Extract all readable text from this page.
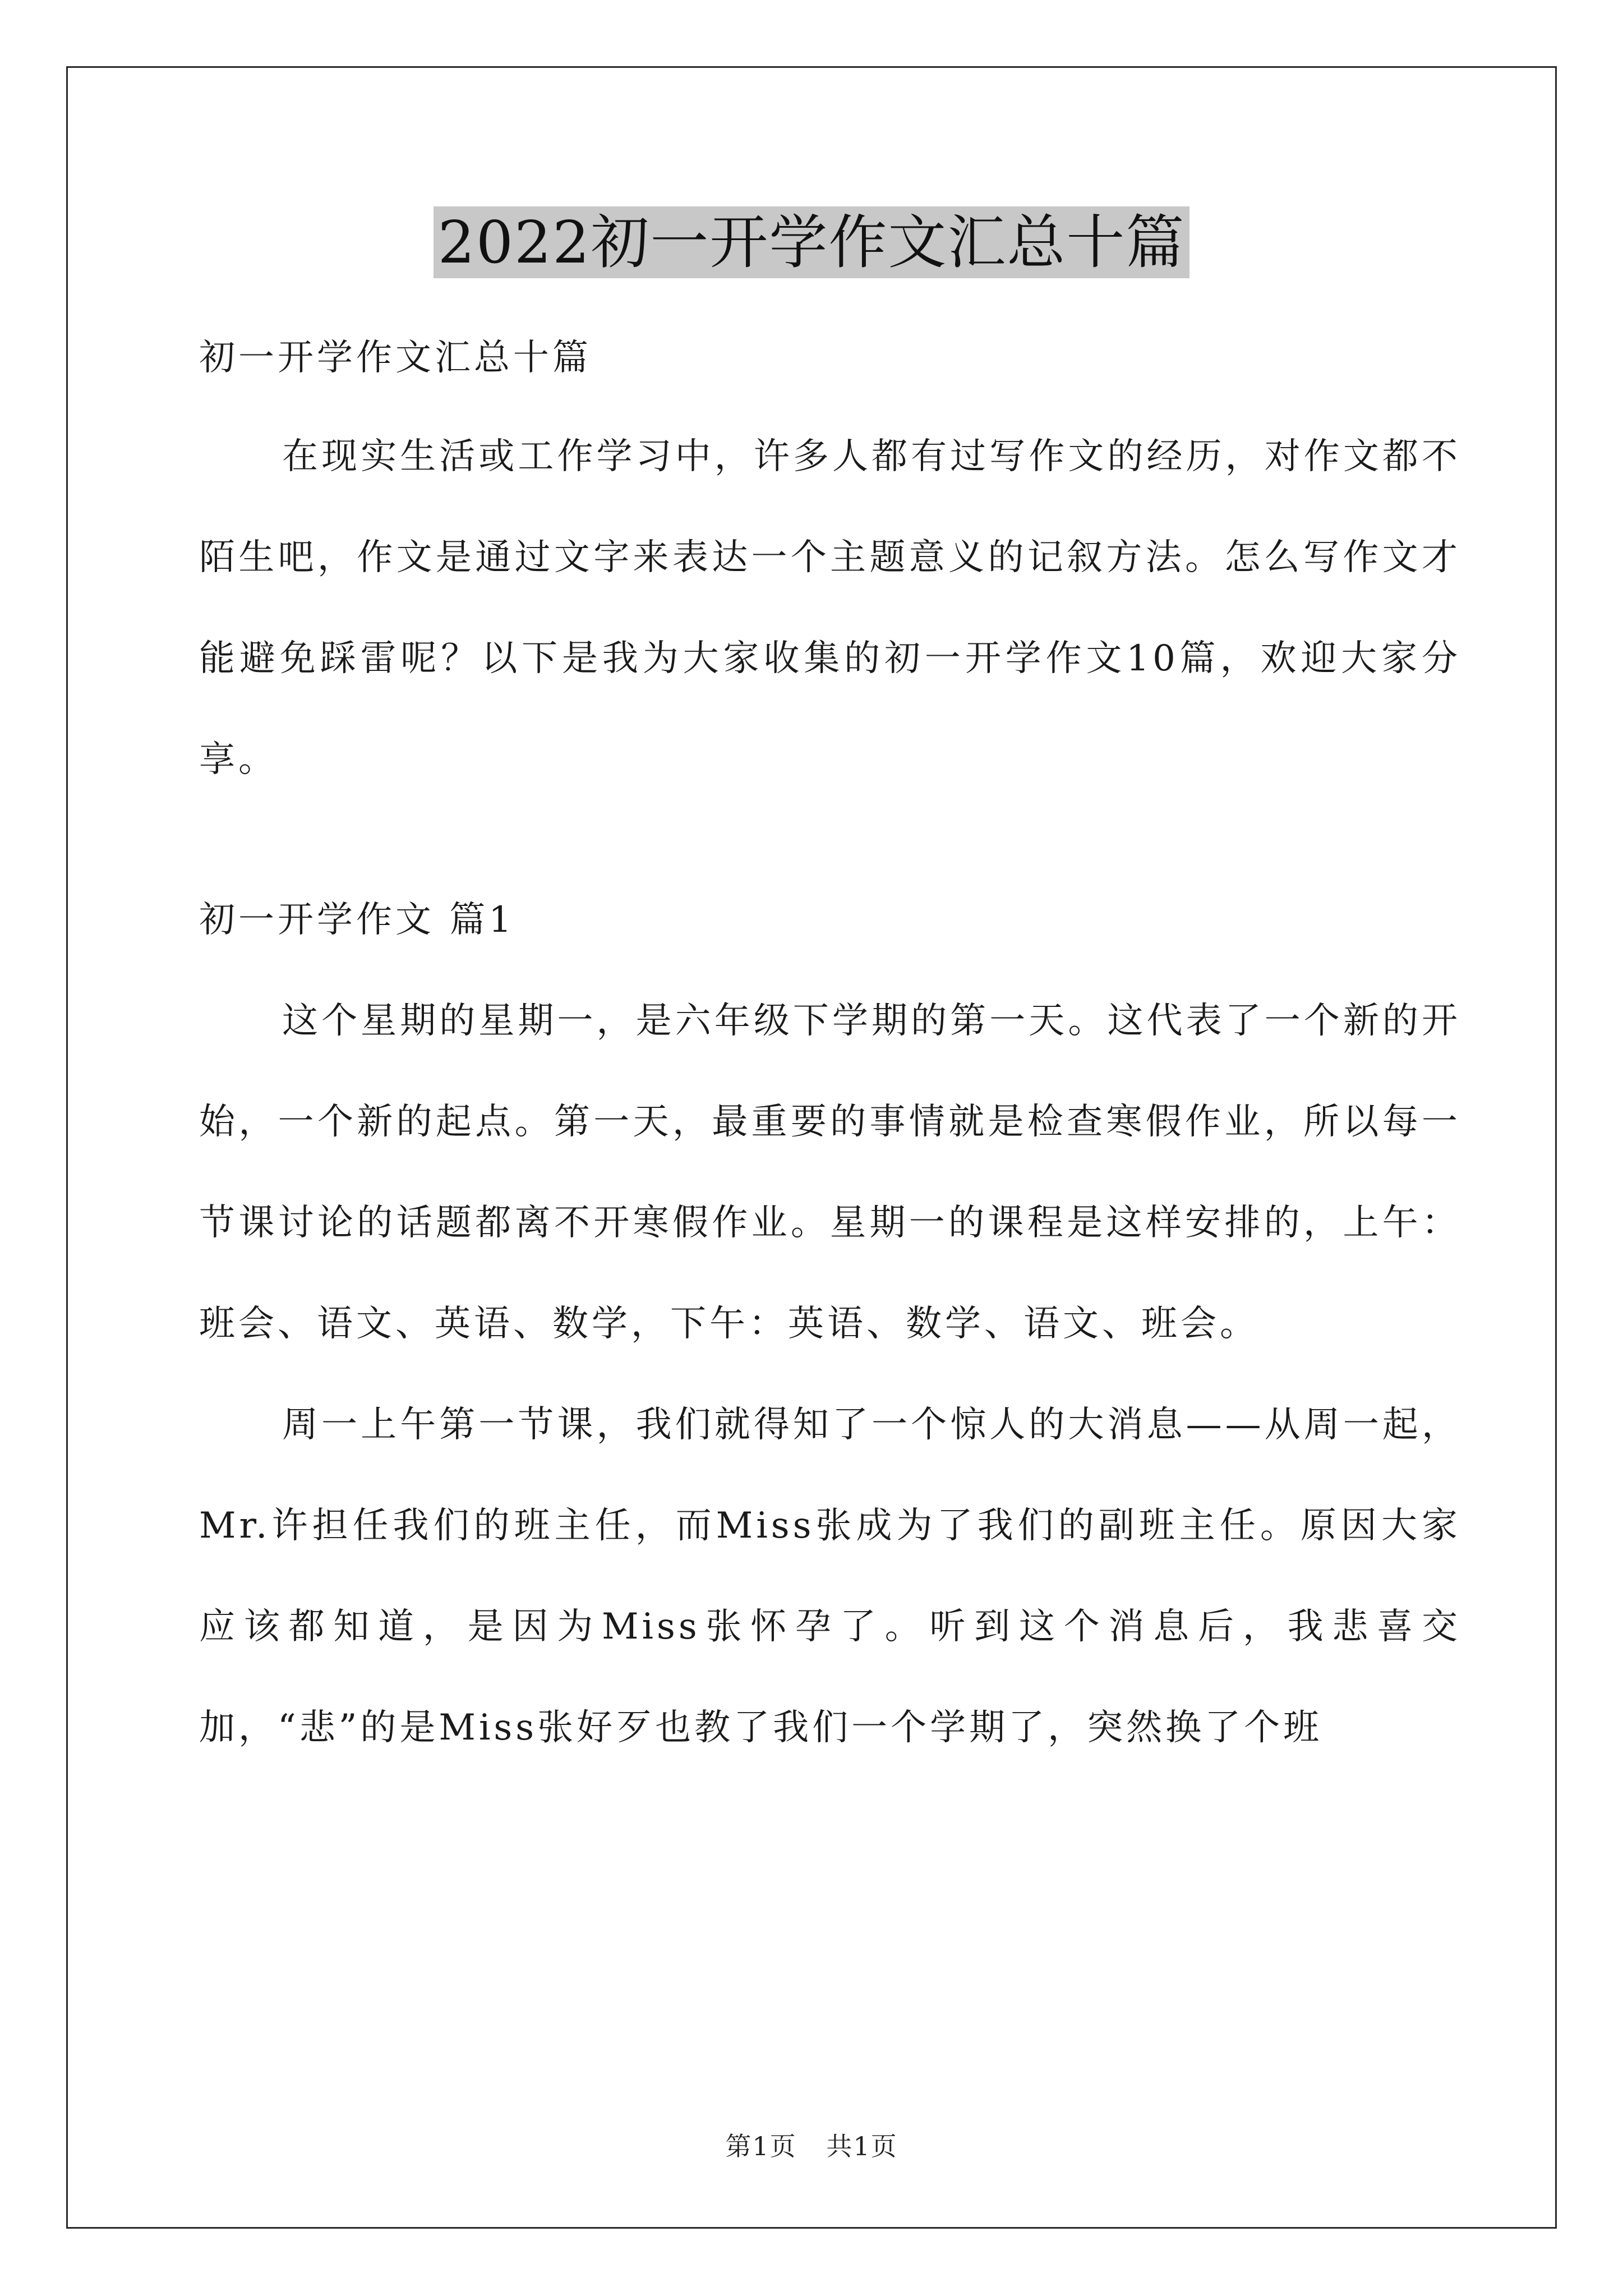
2022初一开学作文汇总十篇
初一开学作文汇总十篇

在现实生活或工作学习中，许多人都有过写作文的经历，对作文都不陌生吧，作文是通过文字来表达一个主题意义的记叙方法。怎么写作文才能避免踩雷呢？以下是我为大家收集的初一开学作文10篇，欢迎大家分享。

初一开学作文 篇1

这个星期的星期一，是六年级下学期的第一天。这代表了一个新的开始，一个新的起点。第一天，最重要的事情就是检查寒假作业，所以每一节课讨论的话题都离不开寒假作业。星期一的课程是这样安排的，上午：班会、语文、英语、数学，下午：英语、数学、语文、班会。

周一上午第一节课，我们就得知了一个惊人的大消息——从周一起，Mr.许担任我们的班主任，而Miss张成为了我们的副班主任。原因大家应该都知道，是因为Miss张怀孕了。听到这个消息后，我悲喜交加，“悲”的是Miss张好歹也教了我们一个学期了，突然换了个班

第1页 共1页
